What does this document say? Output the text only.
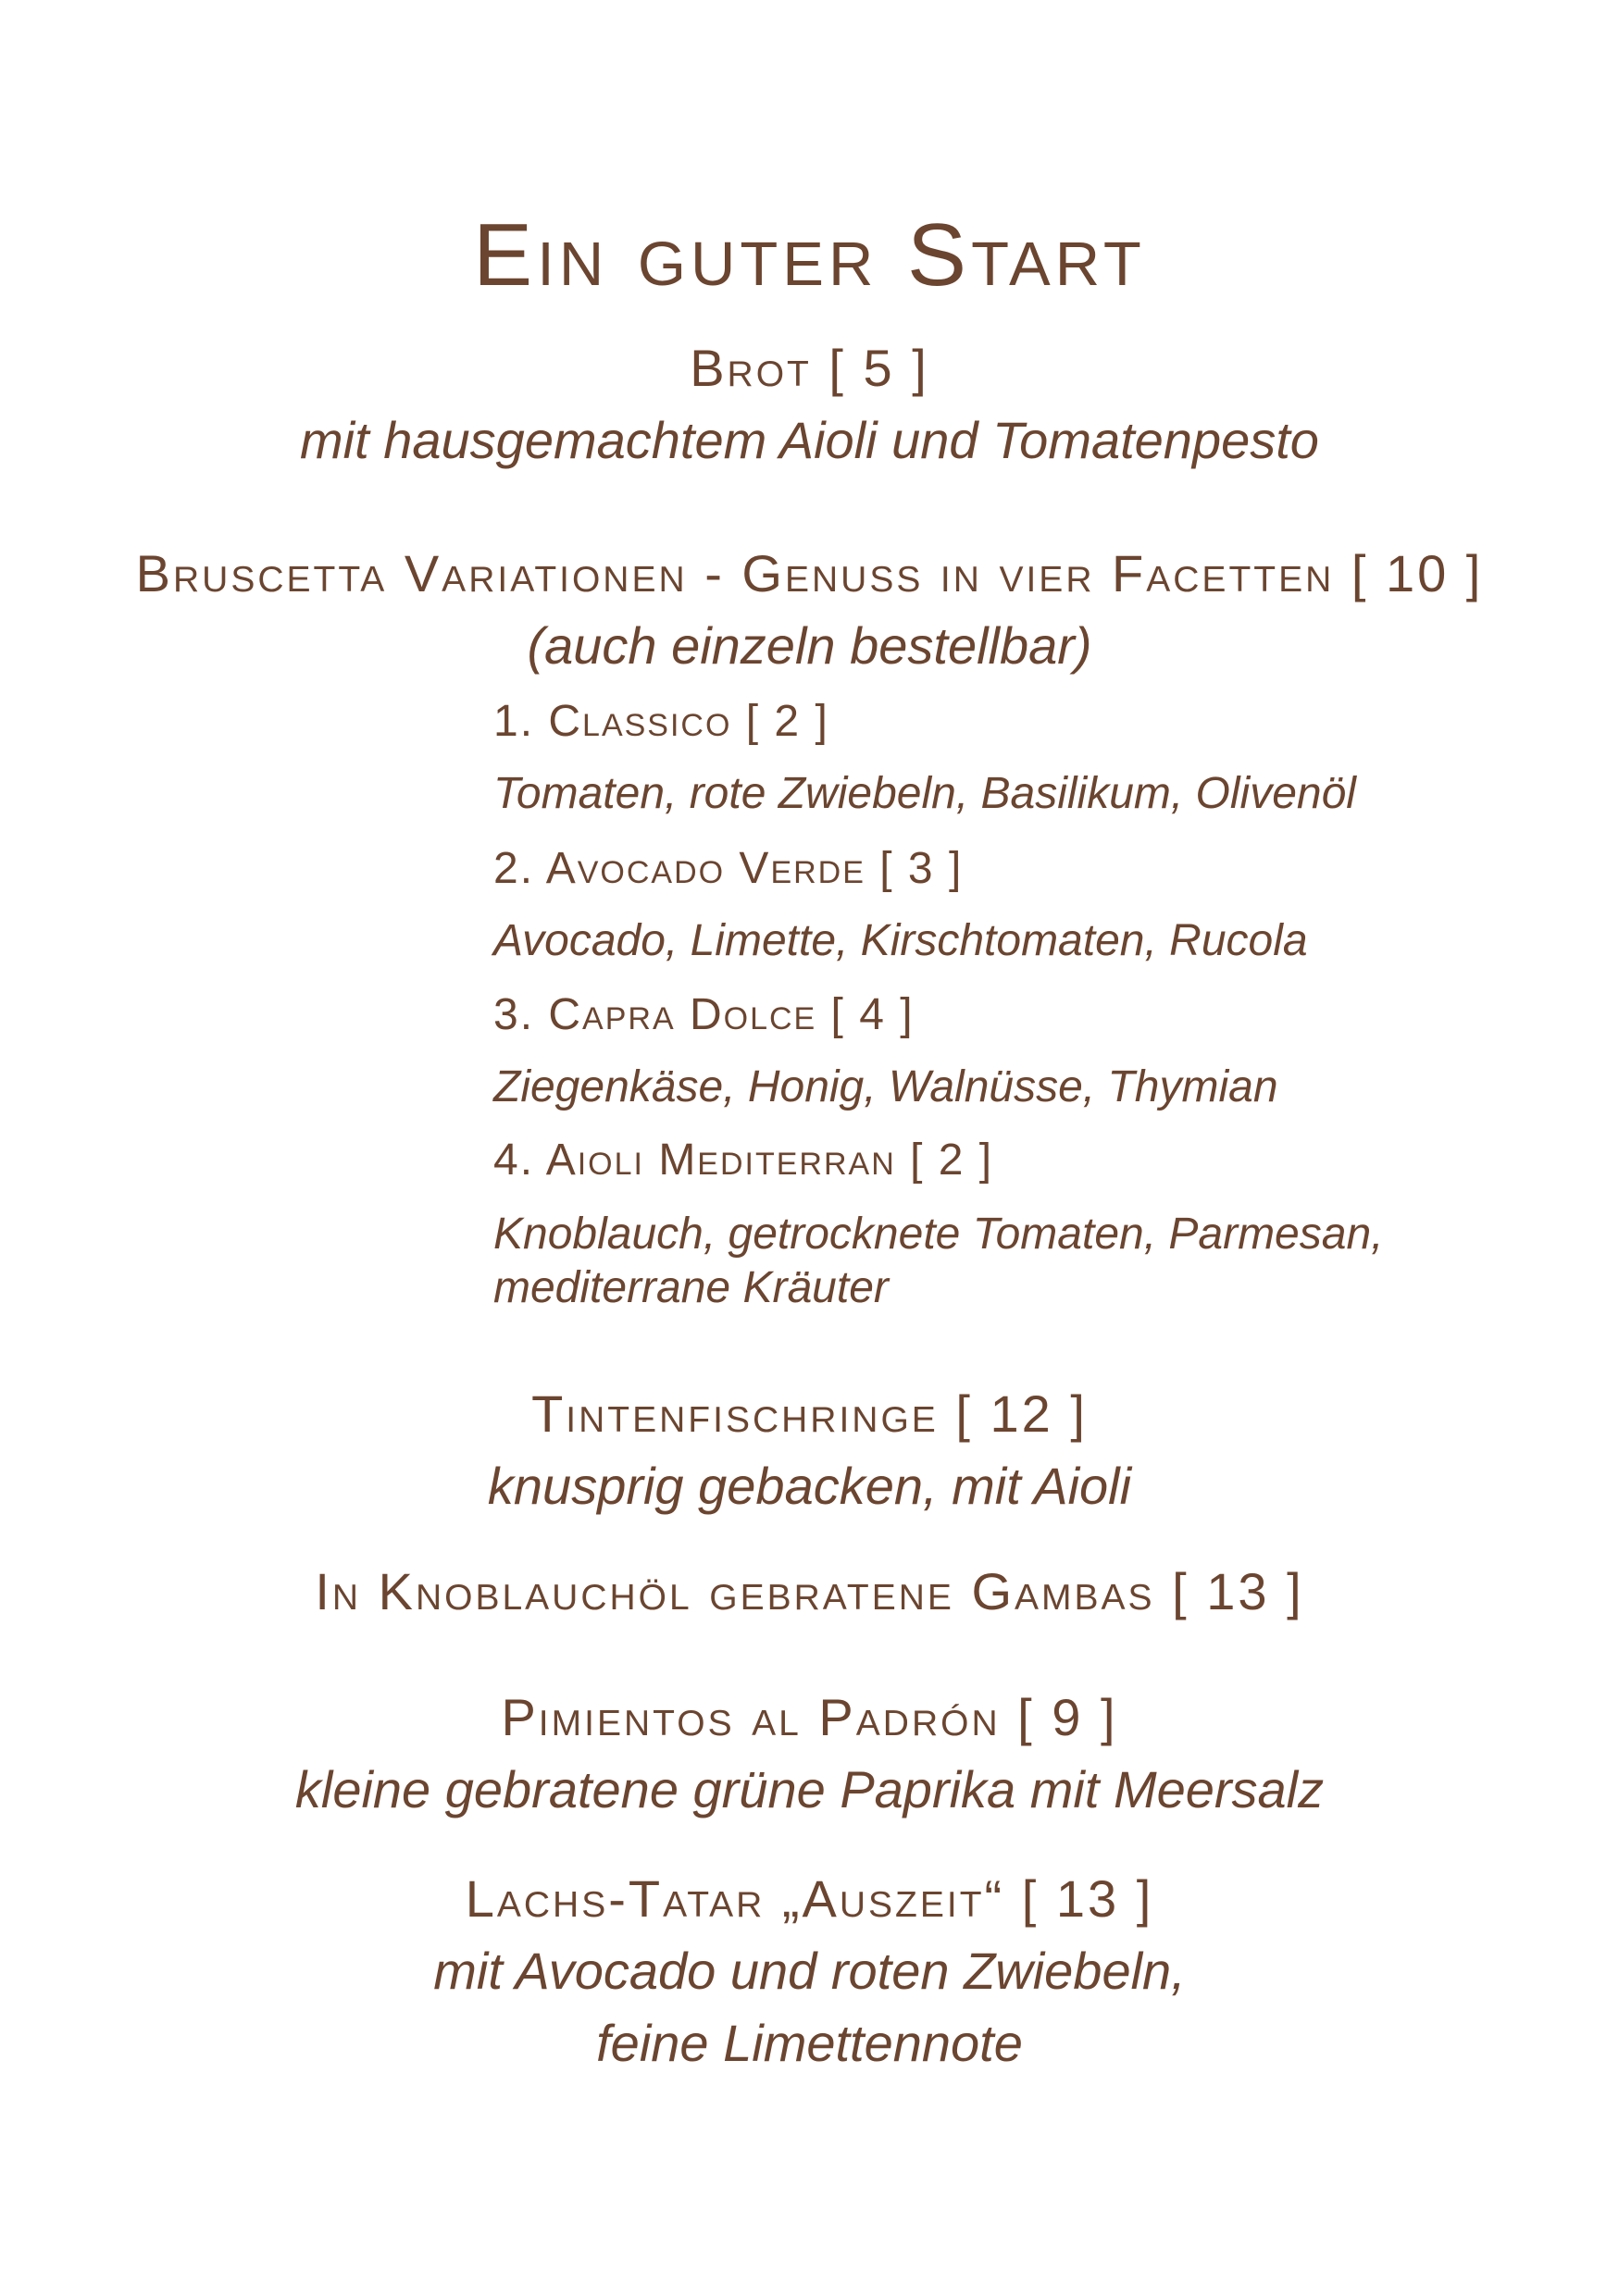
Ein guter Start
Brot [ 5 ]
mit hausgemachtem Aioli und Tomatenpesto
Bruscetta Variationen - Genuss in vier Facetten [ 10 ]
(auch einzeln bestellbar)
1. Classico [ 2 ]
Tomaten, rote Zwiebeln, Basilikum, Olivenöl
2. Avocado Verde [ 3 ]
Avocado, Limette, Kirschtomaten, Rucola
3. Capra Dolce [ 4 ]
Ziegenkäse, Honig, Walnüsse, Thymian
4. Aioli Mediterran [ 2 ]
Knoblauch, getrocknete Tomaten, Parmesan,
mediterrane Kräuter
Tintenfischringe [ 12 ]
knusprig gebacken, mit Aioli
In Knoblauchöl gebratene Gambas [ 13 ]
Pimientos al Padrón [ 9 ]
kleine gebratene grüne Paprika mit Meersalz
Lachs-Tatar „Auszeit“ [ 13 ]
mit Avocado und roten Zwiebeln,
feine Limettennote
